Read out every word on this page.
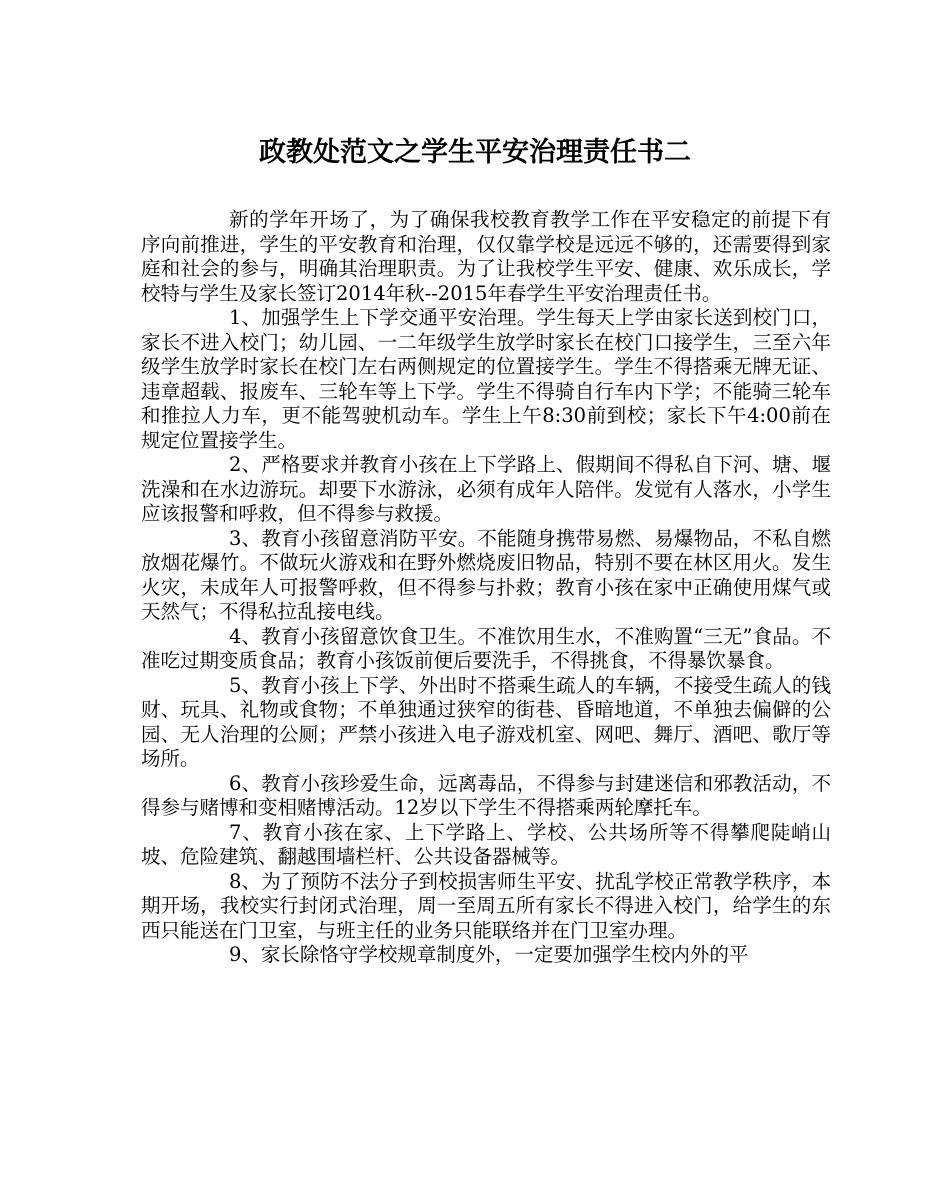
政教处范文之学生平安治理责任书二

新的学年开场了，为了确保我校教育教学工作在平安稳定的前提下有序向前推进，学生的平安教育和治理，仅仅靠学校是远远不够的，还需要得到家庭和社会的参与，明确其治理职责。为了让我校学生平安、健康、欢乐成长，学校特与学生及家长签订2014年秋--2015年春学生平安治理责任书。

1、加强学生上下学交通平安治理。学生每天上学由家长送到校门口，家长不进入校门；幼儿园、一二年级学生放学时家长在校门口接学生，三至六年级学生放学时家长在校门左右两侧规定的位置接学生。学生不得搭乘无牌无证、违章超载、报废车、三轮车等上下学。学生不得骑自行车内下学；不能骑三轮车和推拉人力车，更不能驾驶机动车。学生上午8:30前到校；家长下午4:00前在规定位置接学生。

2、严格要求并教育小孩在上下学路上、假期间不得私自下河、塘、堰洗澡和在水边游玩。却要下水游泳，必须有成年人陪伴。发觉有人落水，小学生应该报警和呼救，但不得参与救援。

3、教育小孩留意消防平安。不能随身携带易燃、易爆物品，不私自燃放烟花爆竹。不做玩火游戏和在野外燃烧废旧物品，特别不要在林区用火。发生火灾，未成年人可报警呼救，但不得参与扑救；教育小孩在家中正确使用煤气或天然气；不得私拉乱接电线。

4、教育小孩留意饮食卫生。不准饮用生水，不准购置“三无”食品。不准吃过期变质食品；教育小孩饭前便后要洗手，不得挑食，不得暴饮暴食。

5、教育小孩上下学、外出时不搭乘生疏人的车辆，不接受生疏人的钱财、玩具、礼物或食物；不单独通过狭窄的街巷、昏暗地道，不单独去偏僻的公园、无人治理的公厕；严禁小孩进入电子游戏机室、网吧、舞厅、酒吧、歌厅等场所。

6、教育小孩珍爱生命，远离毒品，不得参与封建迷信和邪教活动，不得参与赌博和变相赌博活动。12岁以下学生不得搭乘两轮摩托车。

7、教育小孩在家、上下学路上、学校、公共场所等不得攀爬陡峭山坡、危险建筑、翻越围墙栏杆、公共设备器械等。

8、为了预防不法分子到校损害师生平安、扰乱学校正常教学秩序，本期开场，我校实行封闭式治理，周一至周五所有家长不得进入校门，给学生的东西只能送在门卫室，与班主任的业务只能联络并在门卫室办理。

9、家长除恪守学校规章制度外，一定要加强学生校内外的平
